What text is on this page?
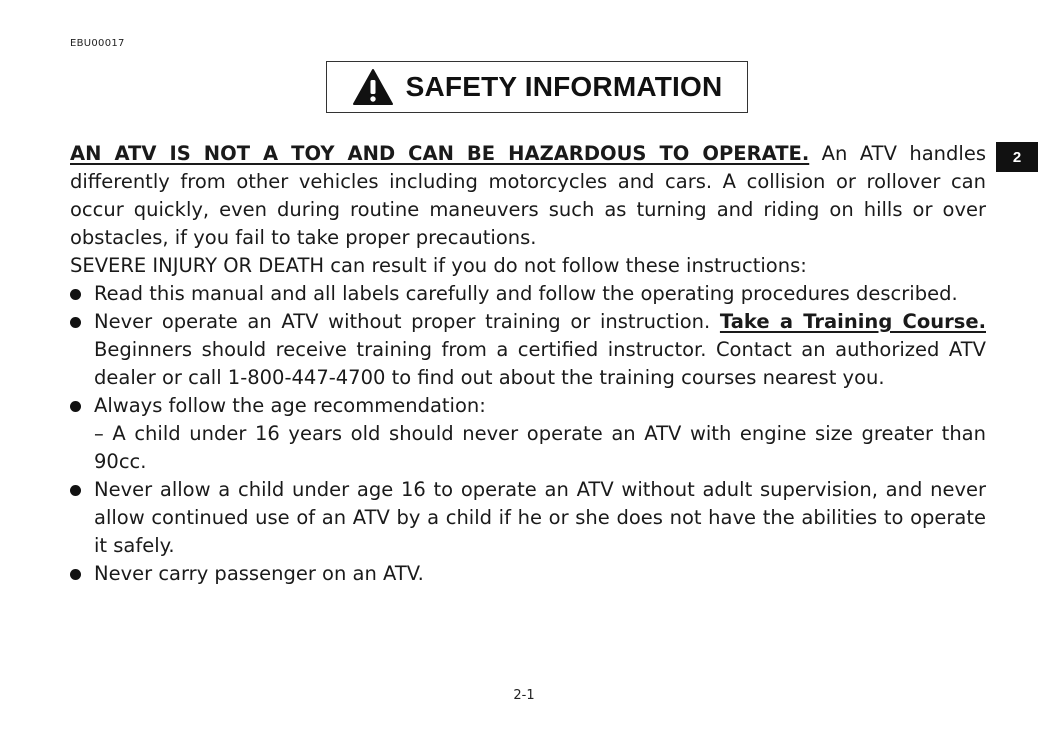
EBU00017
SAFETY INFORMATION
2

AN ATV IS NOT A TOY AND CAN BE HAZARDOUS TO OPERATE. An ATV handles differently from other vehicles including motorcycles and cars. A collision or rollover can occur quickly, even during routine maneuvers such as turning and riding on hills or over obstacles, if you fail to take proper precautions.

SEVERE INJURY OR DEATH can result if you do not follow these instructions:

Read this manual and all labels carefully and follow the operating procedures described.
Never operate an ATV without proper training or instruction. Take a Training Course. Beginners should receive training from a certified instructor. Contact an authorized ATV dealer or call 1-800-447-4700 to find out about the training courses nearest you.
Always follow the age recommendation:
– A child under 16 years old should never operate an ATV with engine size greater than 90cc.
Never allow a child under age 16 to operate an ATV without adult supervision, and never allow continued use of an ATV by a child if he or she does not have the abilities to operate it safely.
Never carry passenger on an ATV.
2-1
